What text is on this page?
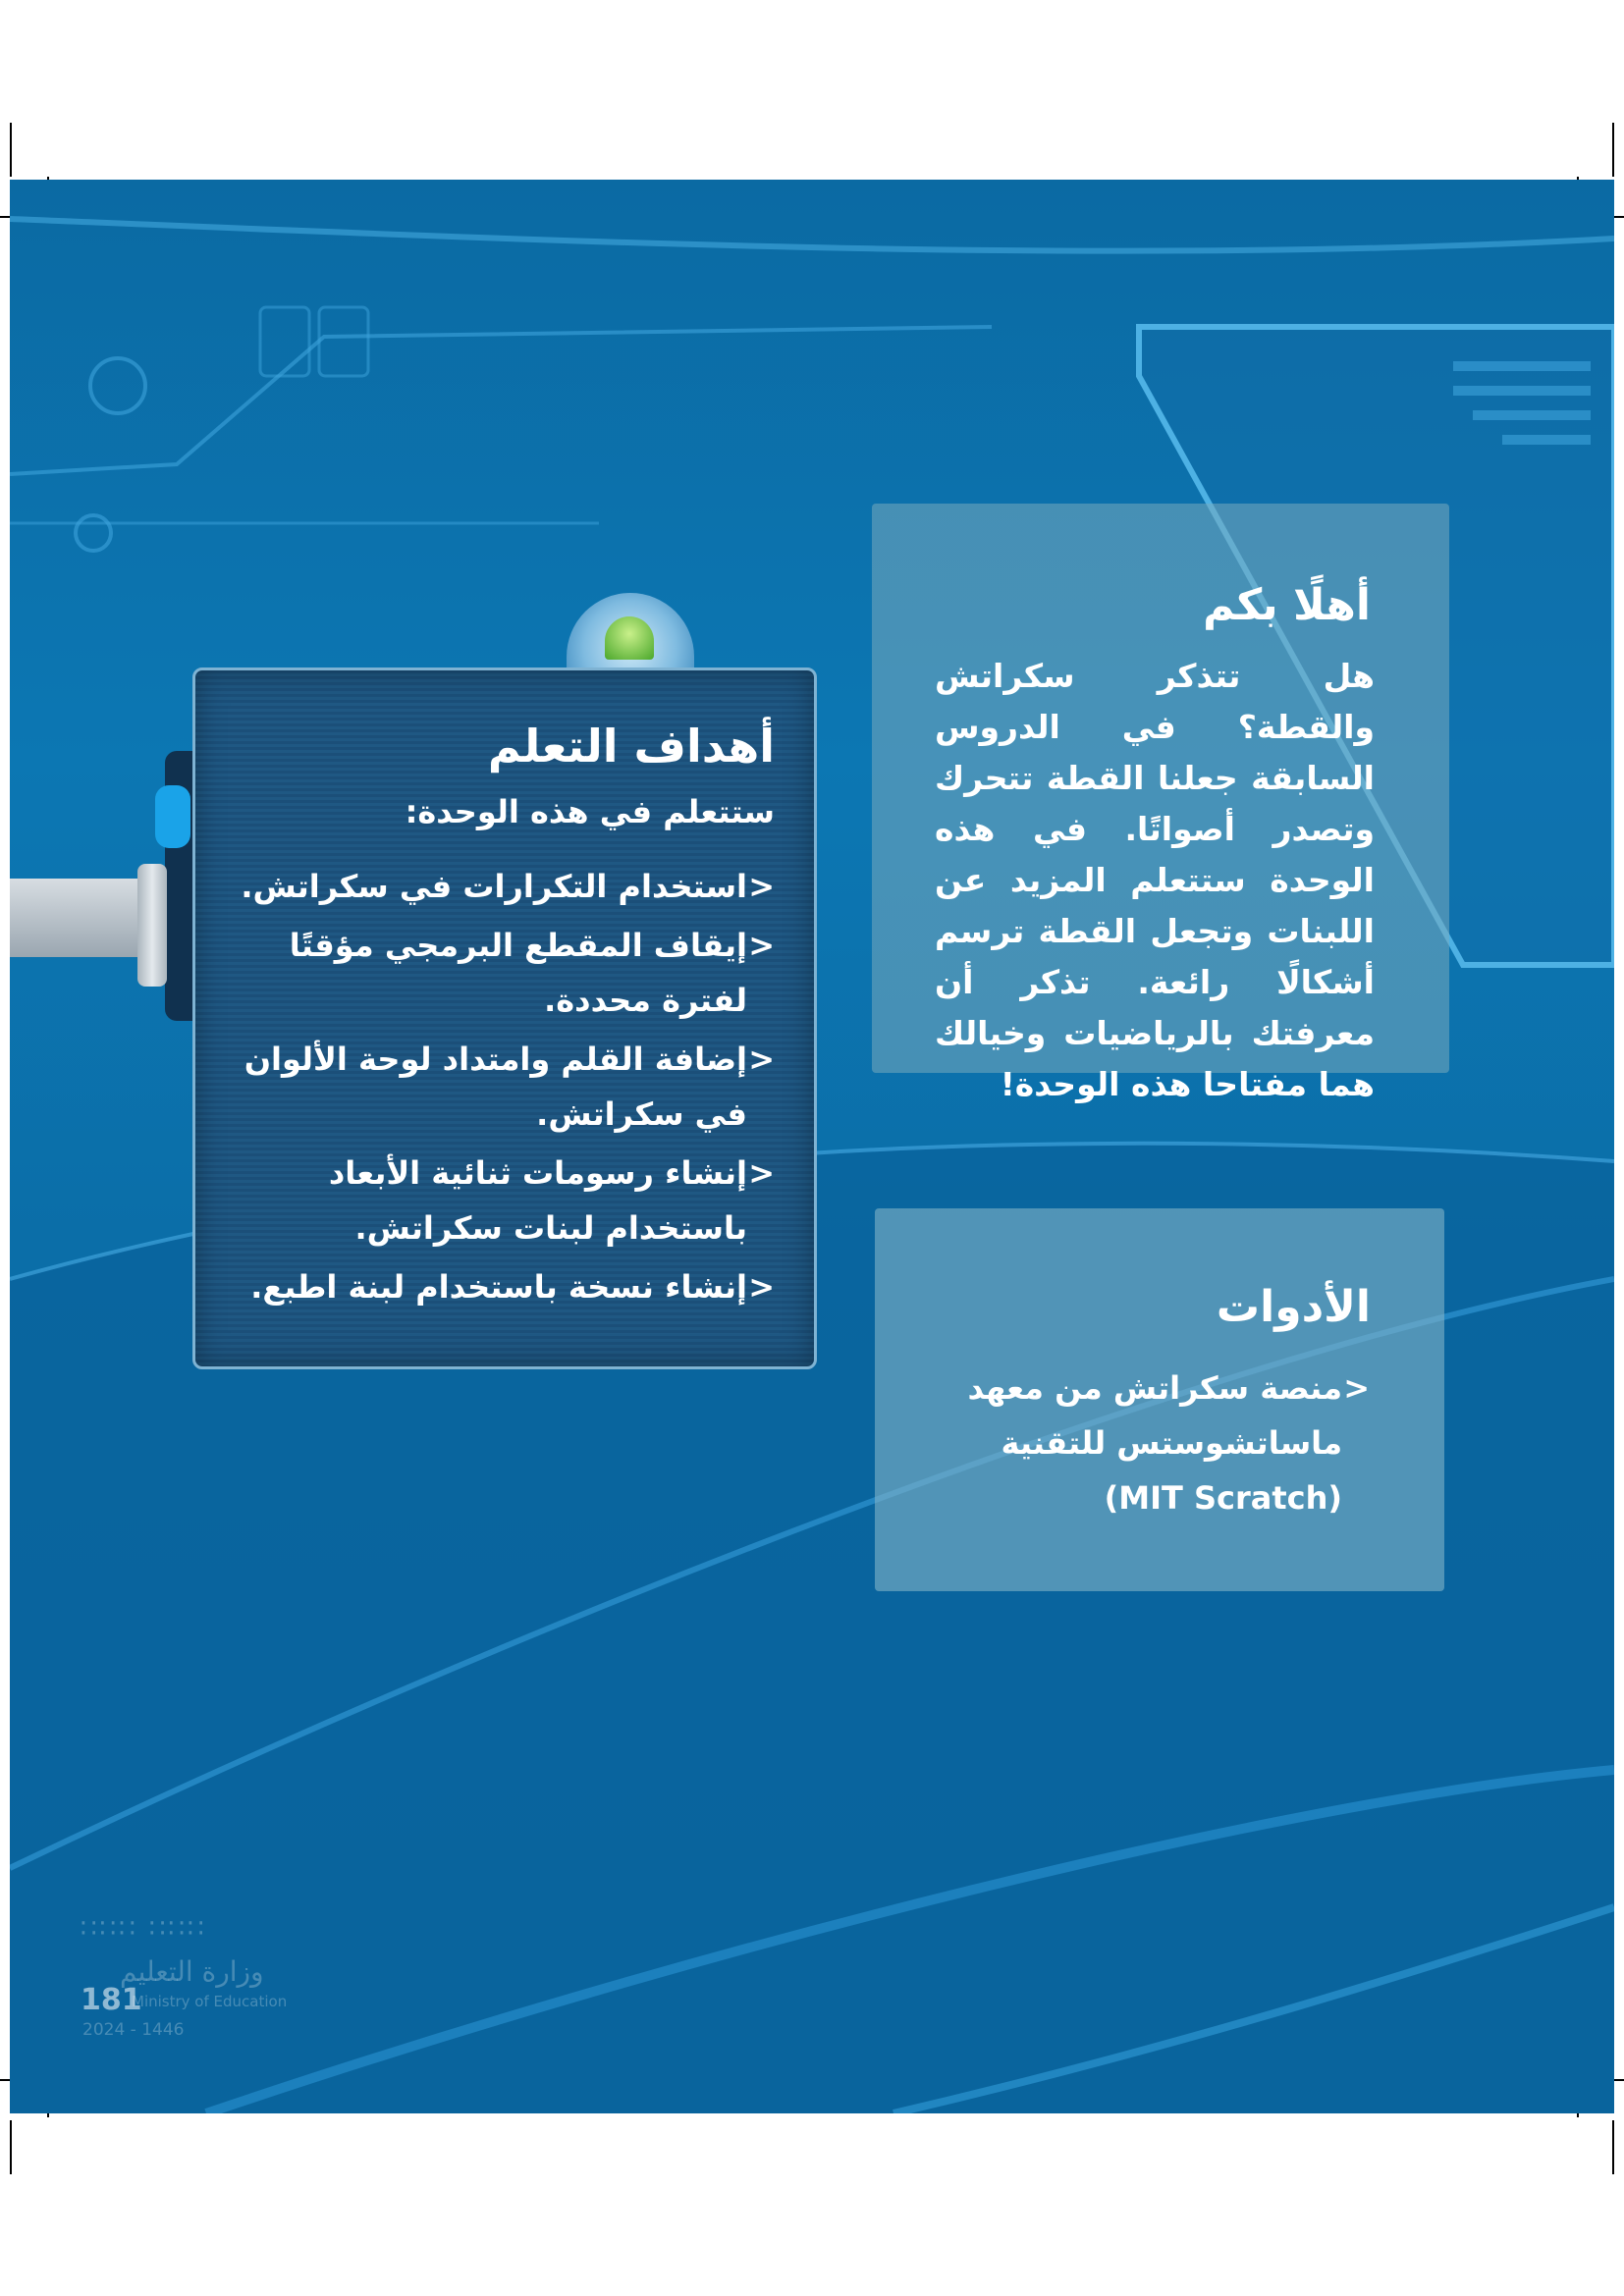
أهلًا بكم
هل تتذكر سكراتش والقطة؟ في الدروس السابقة جعلنا القطة تتحرك وتصدر أصواتًا. في هذه الوحدة ستتعلم المزيد عن اللبنات وتجعل القطة ترسم أشكالًا رائعة. تذكر أن معرفتك بالرياضيات وخيالك هما مفتاحا هذه الوحدة!
أهداف التعلم
ستتعلم في هذه الوحدة:
< استخدام التكرارات في سكراتش.
< إيقاف المقطع البرمجي مؤقتًا لفترة محددة.
< إضافة القلم وامتداد لوحة الألوان في سكراتش.
< إنشاء رسومات ثنائية الأبعاد باستخدام لبنات سكراتش.
< إنشاء نسخة باستخدام لبنة اطبع.	الأدوات
< منصة سكراتش من معهد ماساتشوستس للتقنية (MIT Scratch)
∷∷∷ ∷∷∷
وزارة التعليم
181
Ministry of Education
2024 - 1446
